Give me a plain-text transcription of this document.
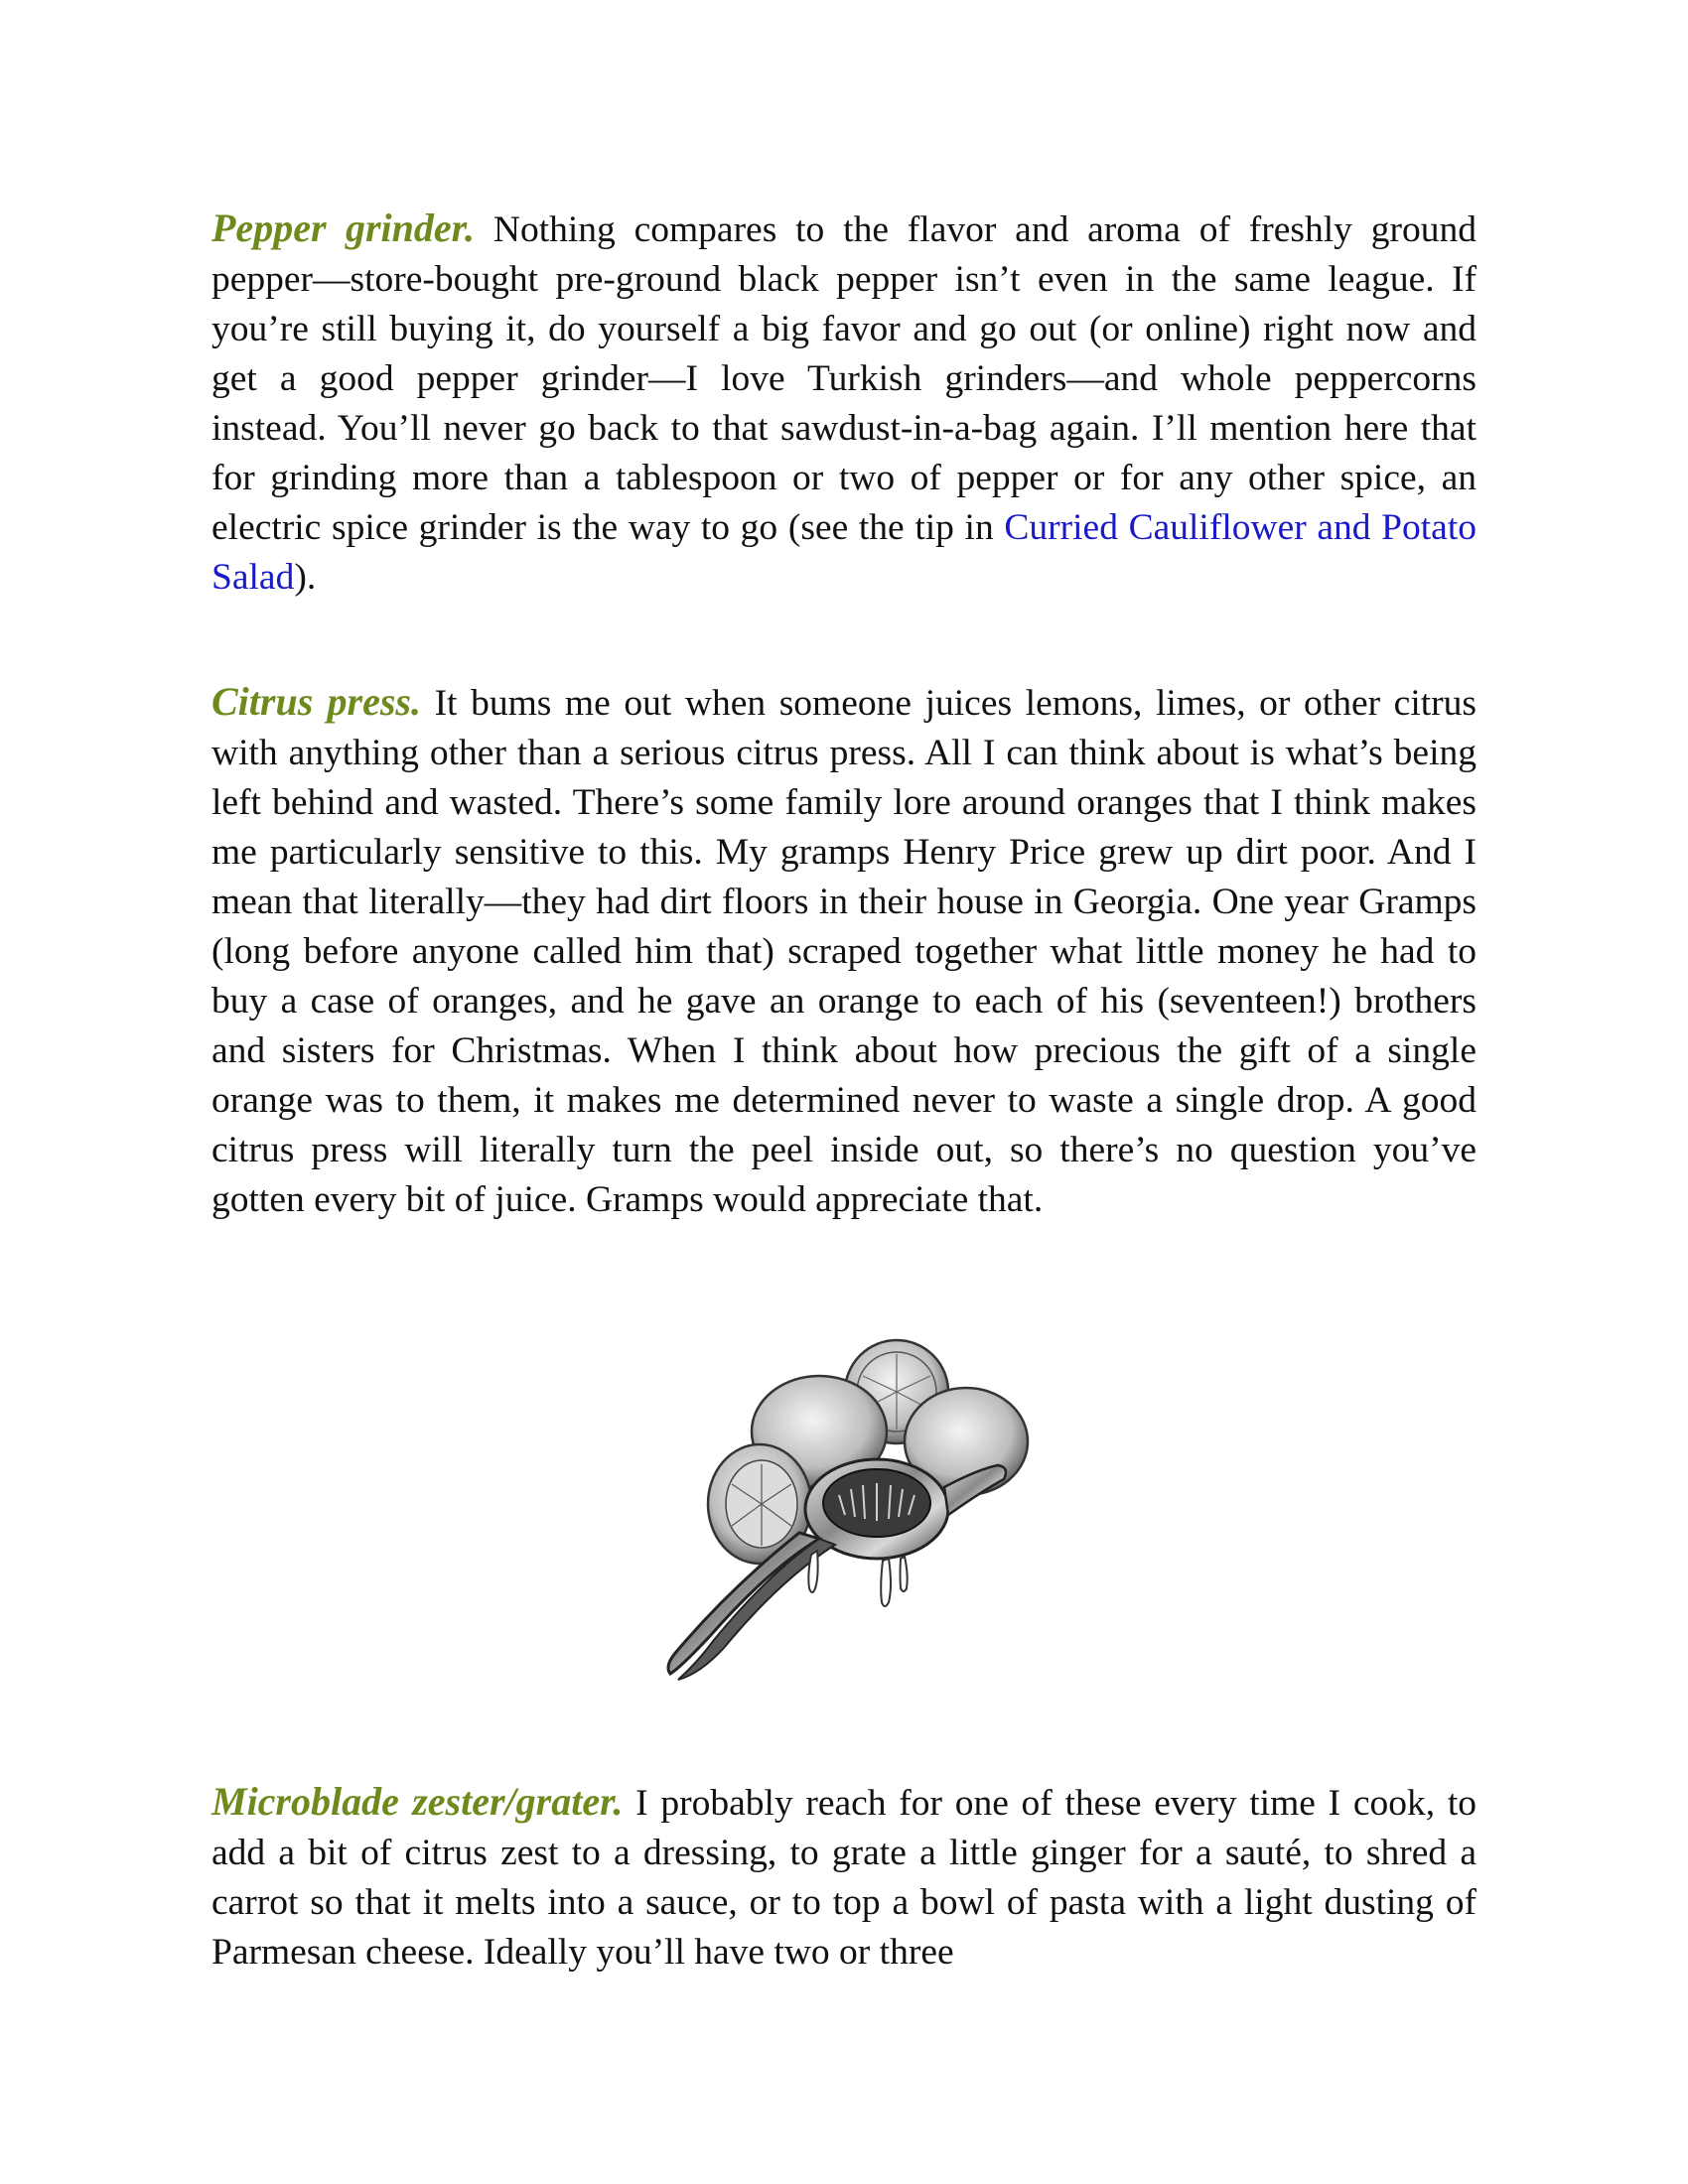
Pepper grinder. Nothing compares to the flavor and aroma of freshly ground pepper—store-bought pre-ground black pepper isn’t even in the same league. If you’re still buying it, do yourself a big favor and go out (or online) right now and get a good pepper grinder—I love Turkish grinders—and whole peppercorns instead. You’ll never go back to that sawdust-in-a-bag again. I’ll mention here that for grinding more than a tablespoon or two of pepper or for any other spice, an electric spice grinder is the way to go (see the tip in Curried Cauliflower and Potato Salad).

Citrus press. It bums me out when someone juices lemons, limes, or other citrus with anything other than a serious citrus press. All I can think about is what’s being left behind and wasted. There’s some family lore around oranges that I think makes me particularly sensitive to this. My gramps Henry Price grew up dirt poor. And I mean that literally—they had dirt floors in their house in Georgia. One year Gramps (long before anyone called him that) scraped together what little money he had to buy a case of oranges, and he gave an orange to each of his (seventeen!) brothers and sisters for Christmas. When I think about how precious the gift of a single orange was to them, it makes me determined never to waste a single drop. A good citrus press will literally turn the peel inside out, so there’s no question you’ve gotten every bit of juice. Gramps would appreciate that.

Microblade zester/grater. I probably reach for one of these every time I cook, to add a bit of citrus zest to a dressing, to grate a little ginger for a sauté, to shred a carrot so that it melts into a sauce, or to top a bowl of pasta with a light dusting of Parmesan cheese. Ideally you’ll have two or three
